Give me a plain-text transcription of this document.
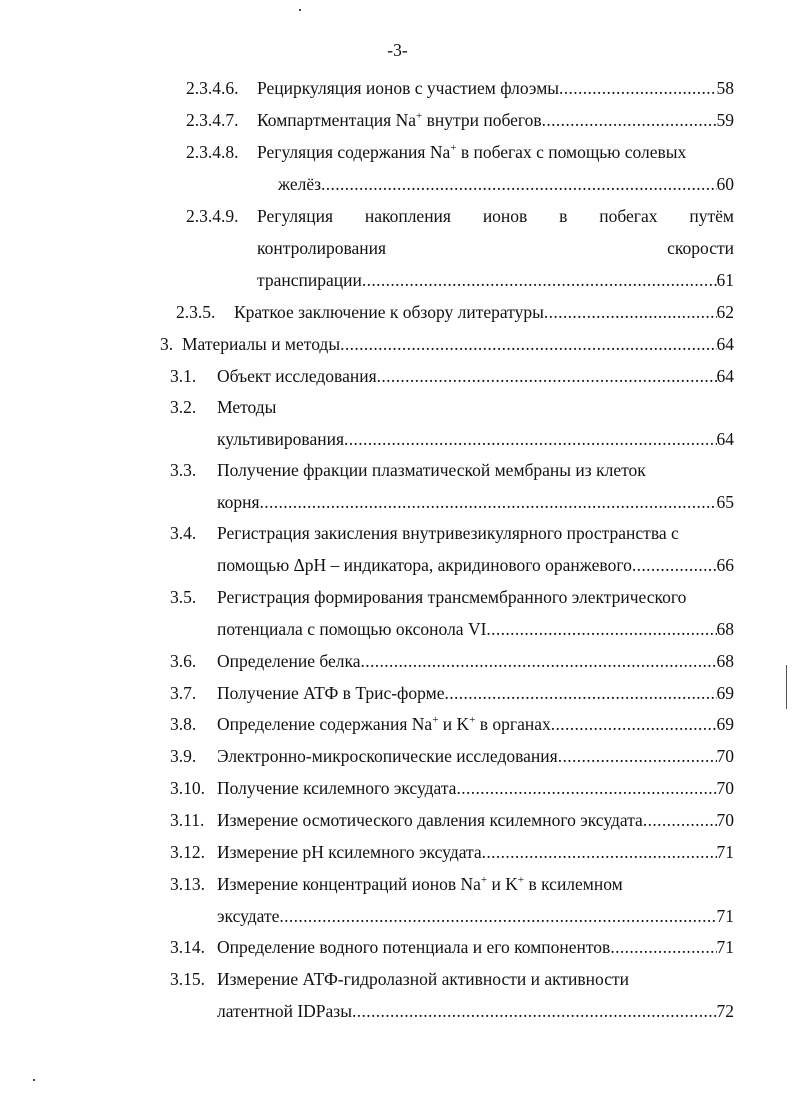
-3-
2.3.4.6. Рециркуляция ионов с участием флоэмы . . .	58
2.3.4.7. Компартментация Na+ внутри побегов . . .	59
2.3.4.8. Регуляция содержания Na+ в побегах с помощью солевых
желёз . . .	60
2.3.4.9. Регуляция накопления ионов в побегах путём
контролирования	скорости
транспирации . . .	61
2.3.5. Краткое заключение к обзору литературы . . .	62
3. Материалы и методы . . .	64
3.1. Объект исследования . . .	64
3.2. Методы
культивирования . . .	64
3.3. Получение фракции плазматической мембраны из клеток
корня . . .	65
3.4. Регистрация закисления внутривезикулярного пространства с
помощью ΔpH – индикатора, акридинового оранжевого . . .	66
3.5. Регистрация формирования трансмембранного электрического
потенциала с помощью оксонола VI . . .	68
3.6. Определение белка . . .	68
3.7. Получение АТФ в Трис-форме . . .	69
3.8. Определение содержания Na+ и K+ в органах . . .	69
3.9. Электронно-микроскопические исследования . . .	70
3.10. Получение ксилемного эксудата . . .	70
3.11. Измерение осмотического давления ксилемного эксудата . . .	70
3.12. Измерение pH ксилемного эксудата . . .	71
3.13. Измерение концентраций ионов Na+ и K+ в ксилемном
эксудате . . .	71
3.14. Определение водного потенциала и его компонентов . . .	71
3.15. Измерение АТФ-гидролазной активности и активности
латентной IDPазы . . .	72
